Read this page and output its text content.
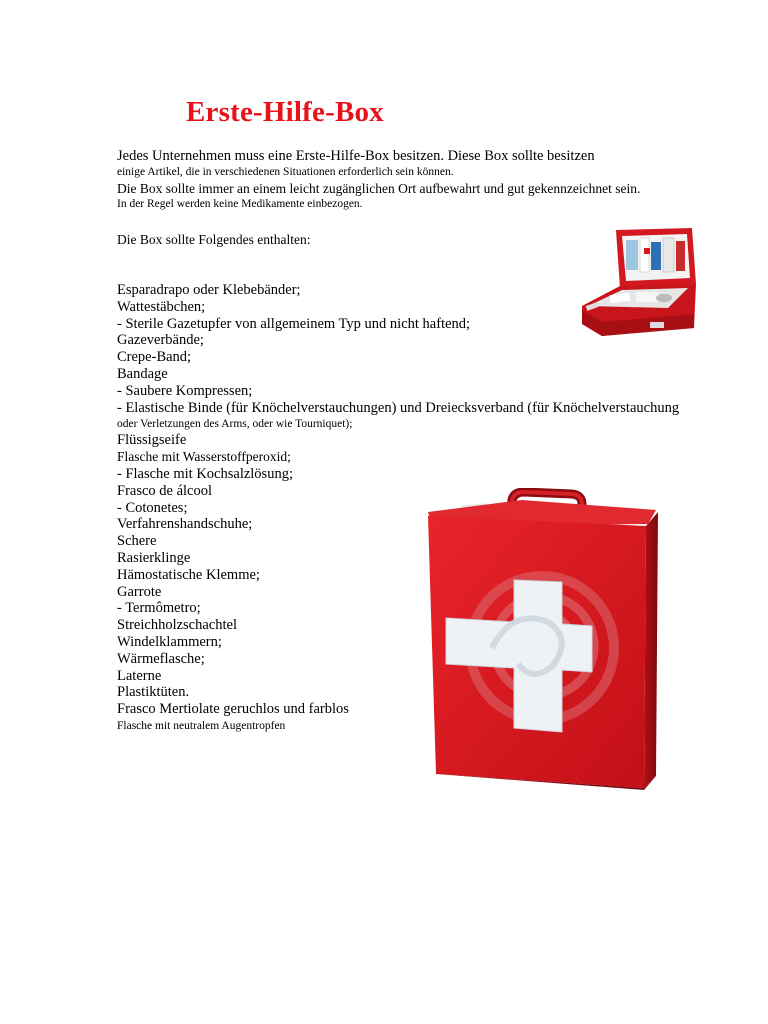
Erste-Hilfe-Box
Jedes Unternehmen muss eine Erste-Hilfe-Box besitzen. Diese Box sollte besitzen
einige Artikel, die in verschiedenen Situationen erforderlich sein können.
Die Box sollte immer an einem leicht zugänglichen Ort aufbewahrt und gut gekennzeichnet sein.
In der Regel werden keine Medikamente einbezogen.
Die Box sollte Folgendes enthalten:
Esparadrapo oder Klebebänder;
Wattestäbchen;
- Sterile Gazetupfer von allgemeinem Typ und nicht haftend;
Gazeverbände;
Crepe-Band;
Bandage
- Saubere Kompressen;
- Elastische Binde (für Knöchelverstauchungen) und Dreiecksverband (für Knöchelverstauchung
oder Verletzungen des Arms, oder wie Tourniquet);
Flüssigseife
Flasche mit Wasserstoffperoxid;
- Flasche mit Kochsalzlösung;
Frasco de álcool
- Cotonetes;
Verfahrenshandschuhe;
Schere
Rasierklinge
Hämostatische Klemme;
Garrote
- Termômetro;
Streichholzschachtel
Windelklammern;
Wärmeflasche;
Laterne
Plastiktüten.
Frasco Mertiolate geruchlos und farblos
Flasche mit neutralem Augentropfen
